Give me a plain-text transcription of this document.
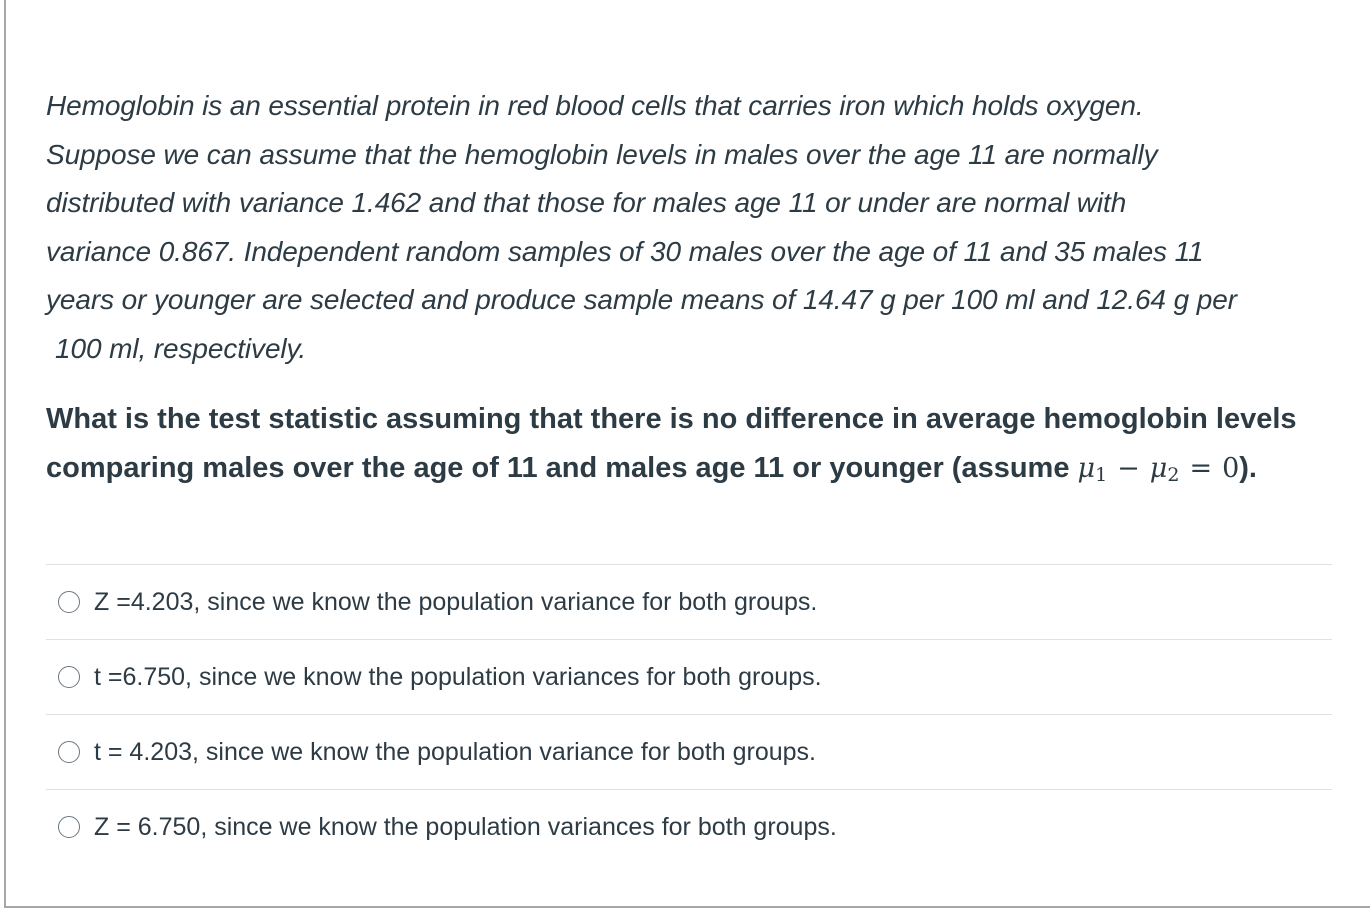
Hemoglobin is an essential protein in red blood cells that carries iron which holds oxygen.
Suppose we can assume that the hemoglobin levels in males over the age 11 are normally
distributed with variance 1.462 and that those for males age 11 or under are normal with
variance 0.867. Independent random samples of 30 males over the age of 11 and 35 males 11
years or younger are selected and produce sample means of 14.47 g per 100 ml and 12.64 g per
100 ml, respectively.
What is the test statistic assuming that there is no difference in average hemoglobin levels
comparing males over the age of 11 and males age 11 or younger (assume $\mu_1 - \mu_2 = 0$).
Z =4.203, since we know the population variance for both groups.
t =6.750, since we know the population variances for both groups.
t = 4.203, since we know the population variance for both groups.
Z = 6.750, since we know the population variances for both groups.
